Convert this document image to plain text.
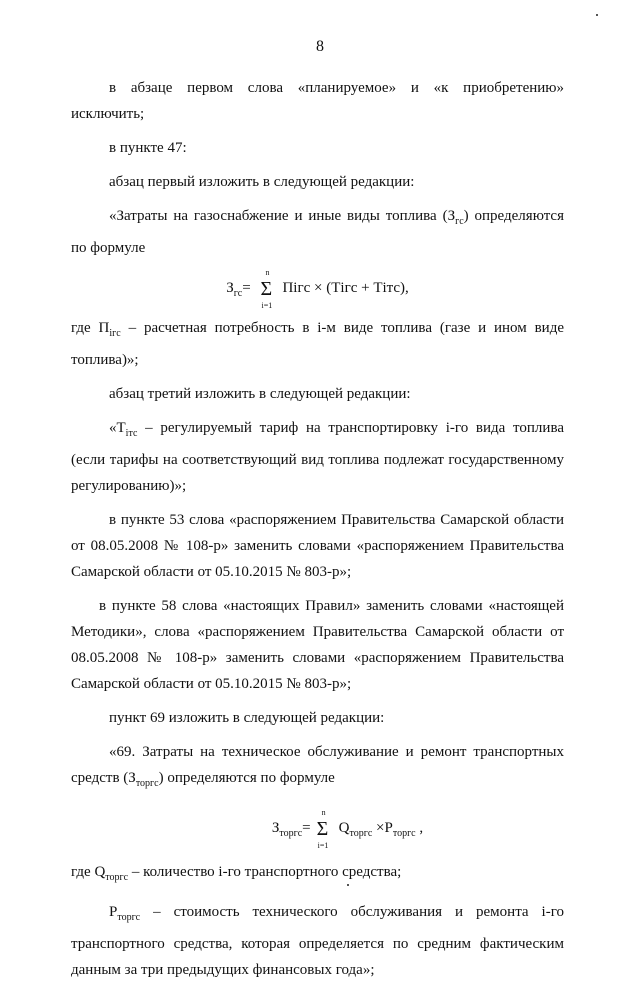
8

в абзаце первом слова «планируемое» и «к приобретению»

исключить;

в пункте 47:

абзац первый изложить в следующей редакции:

«Затраты на газоснабжение и иные виды топлива $(З_{гс})$ определяются

по формуле

$З_{гс}=$
n
Σ
i=1
Пiгс × (Тiгс + Тiтс),

где $П_{iгс}$ – расчетная потребность в i-м виде топлива (газе и ином виде

топлива)»;

абзац третий изложить в следующей редакции:

«$Т_{iтс}$ – регулируемый тариф на транспортировку i-го вида топлива

(если тарифы на соответствующий вид топлива подлежат государственному

регулированию)»;

в пункте 53 слова «распоряжением Правительства Самарской области

от 08.05.2008 № 108-р» заменить словами «распоряжением Правительства

Самарской области от 05.10.2015 № 803-р»;

в пункте 58 слова «настоящих Правил» заменить словами «настоящей

Методики», слова «распоряжением Правительства Самарской области от

08.05.2008 № 108-р» заменить словами «распоряжением Правительства

Самарской области от 05.10.2015 № 803-р»;

пункт 69 изложить в следующей редакции:

«69. Затраты на техническое обслуживание и ремонт транспортных

средств $(З_{торгс})$ определяются по формуле

$З_{торгс}=$
n
Σ
i=1
$Q_{торгс} \times P_{торгс}$ ,

где $Q_{торгс}$ – количество i-го транспортного средства;

$Р_{торгс}$ – стоимость технического обслуживания и ремонта i-го

транспортного средства, которая определяется по средним фактическим

данным за три предыдущих финансовых года»;
